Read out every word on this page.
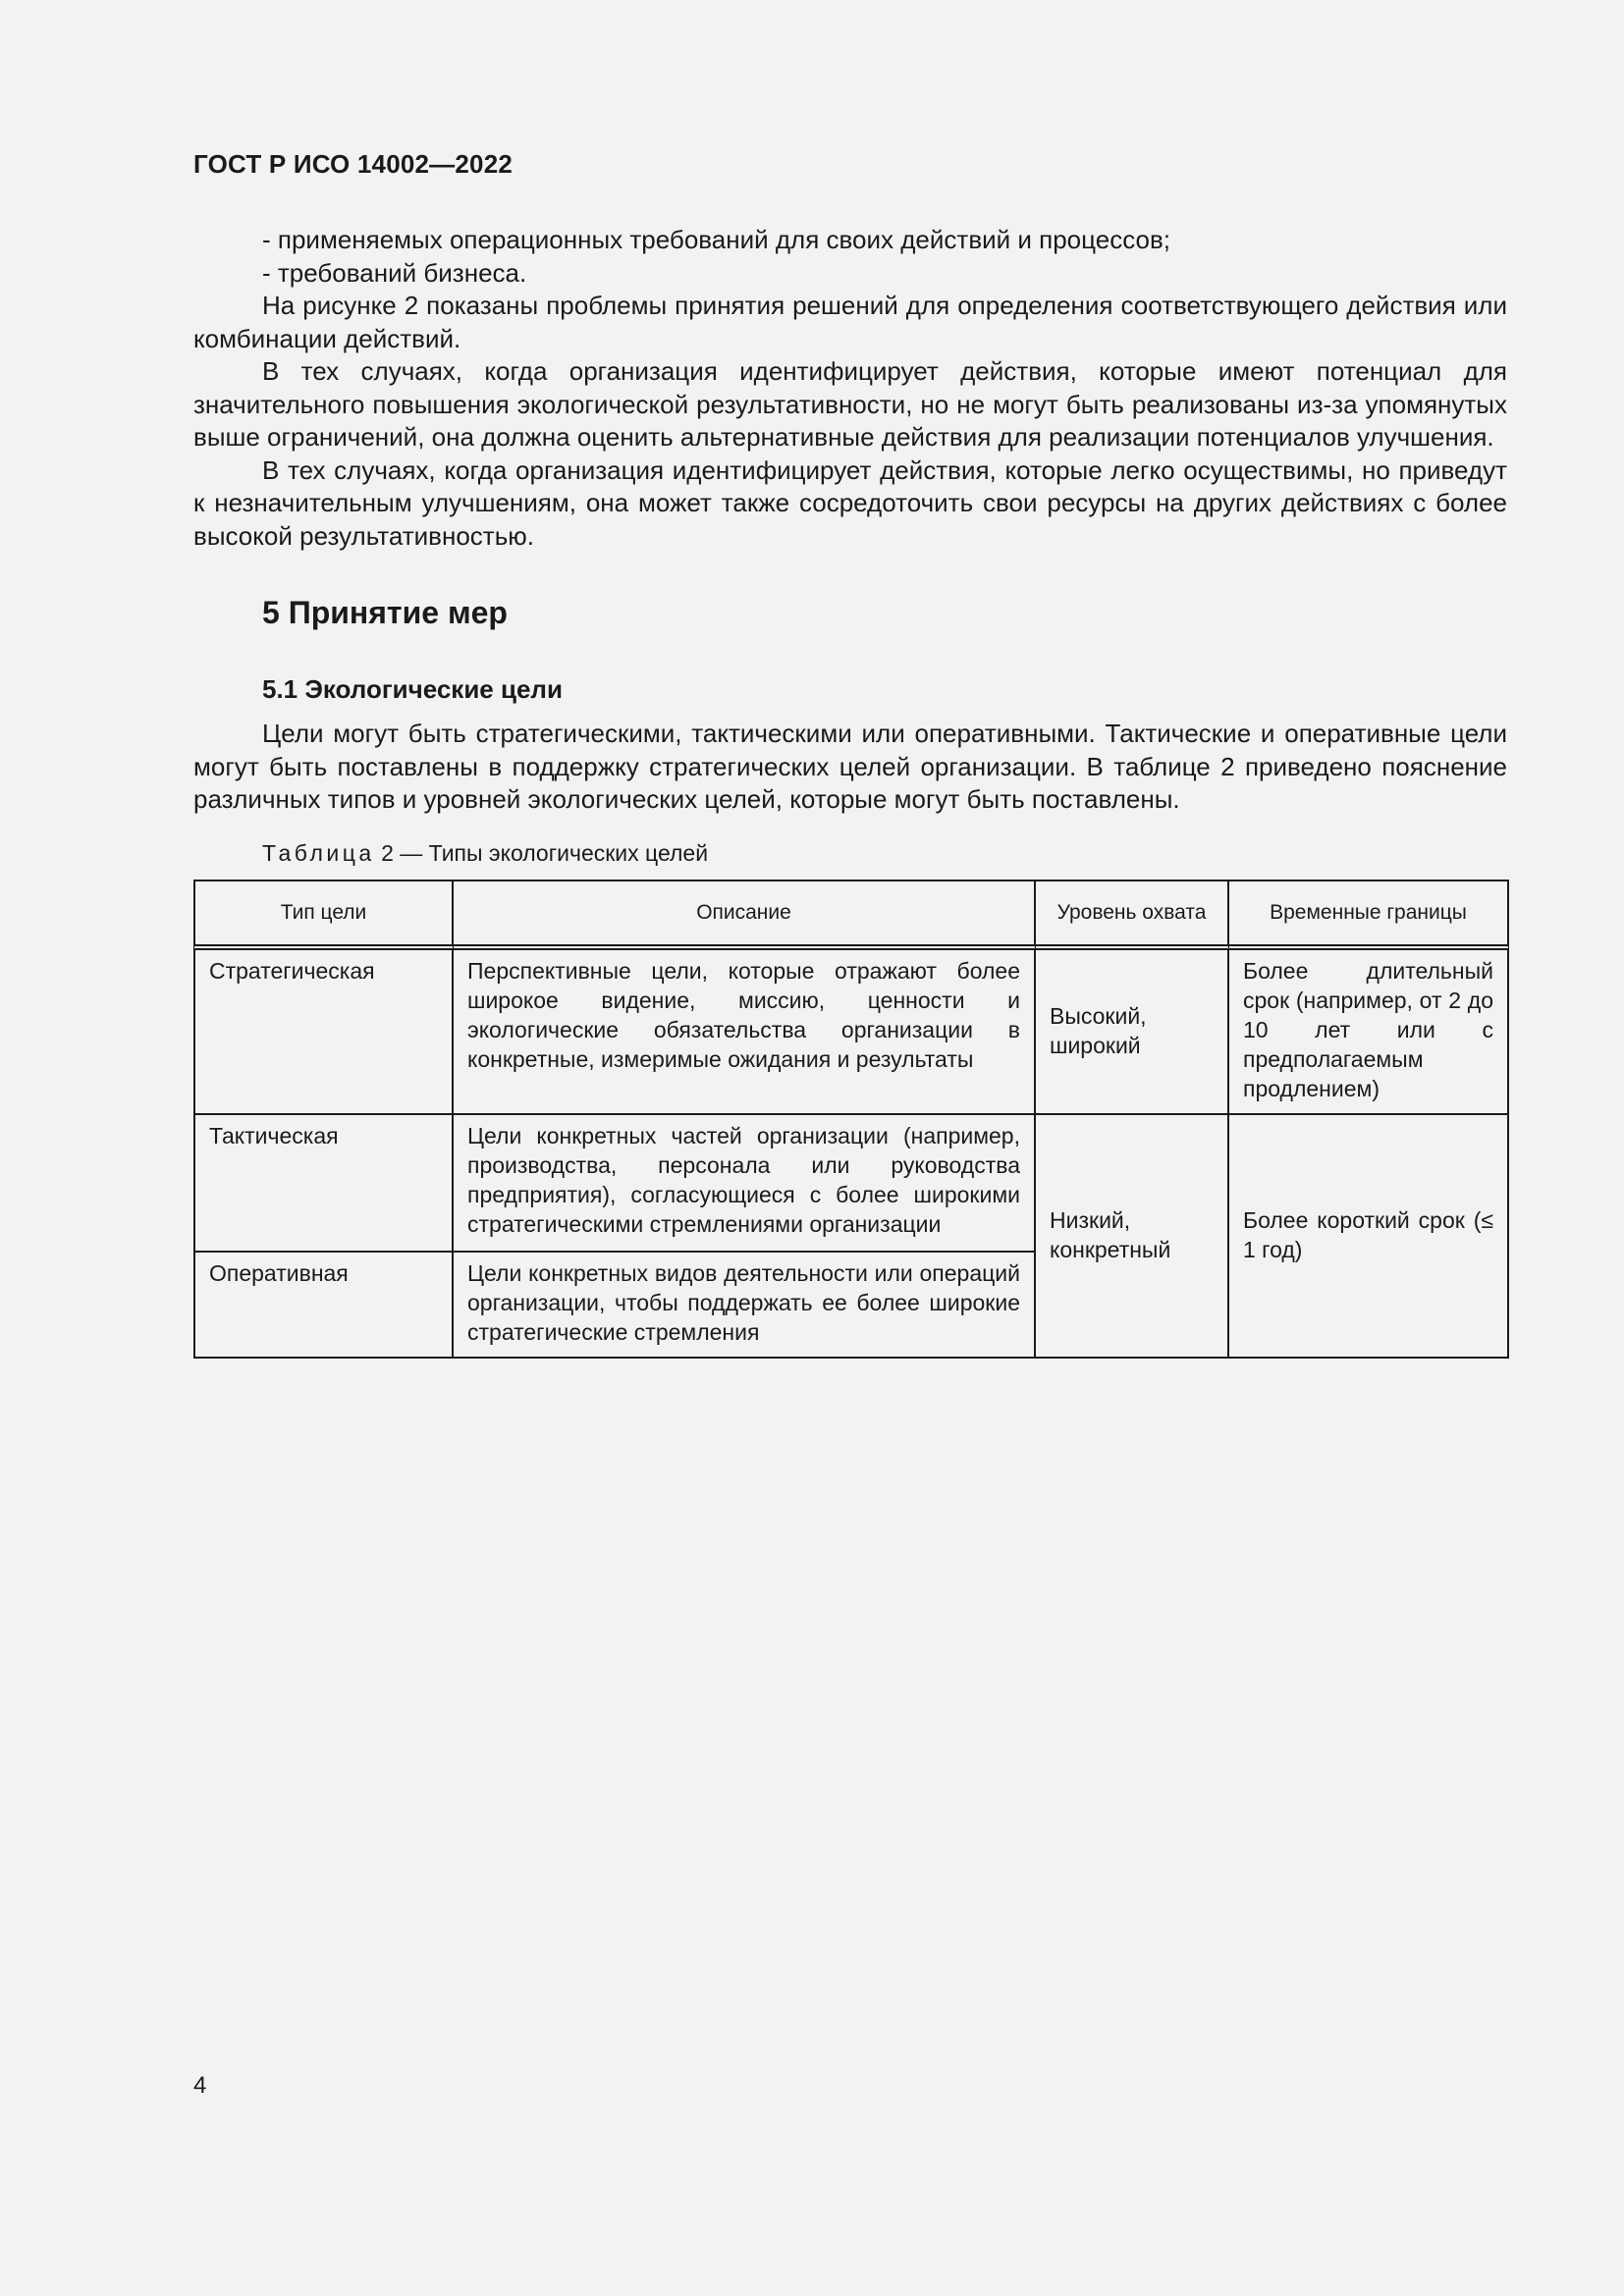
ГОСТ Р ИСО 14002—2022

- применяемых операционных требований для своих действий и процессов;

- требований бизнеса.

На рисунке 2 показаны проблемы принятия решений для определения соответствующего действия или комбинации действий.

В тех случаях, когда организация идентифицирует действия, которые имеют потенциал для значительного повышения экологической результативности, но не могут быть реализованы из-за упомянутых выше ограничений, она должна оценить альтернативные действия для реализации потенциалов улучшения.

В тех случаях, когда организация идентифицирует действия, которые легко осуществимы, но приведут к незначительным улучшениям, она может также сосредоточить свои ресурсы на других действиях с более высокой результативностью.

5 Принятие мер
5.1 Экологические цели

Цели могут быть стратегическими, тактическими или оперативными. Тактические и оперативные цели могут быть поставлены в поддержку стратегических целей организации. В таблице 2 приведено пояснение различных типов и уровней экологических целей, которые могут быть поставлены.

Таблица 2 — Типы экологических целей

Тип цели	Описание	Уровень охвата	Временные границы
Стратегическая	Перспективные цели, которые отражают более широкое видение, миссию, ценности и экологические обязательства организации в конкретные, измеримые ожидания и результаты	Высокий, широкий	Более длительный срок (например, от 2 до 10 лет или с предполагаемым продлением)
Тактическая	Цели конкретных частей организации (например, производства, персонала или руководства предприятия), согласующиеся с более широкими стратегическими стремлениями организации	Низкий, конкретный	Более короткий срок (≤ 1 год)
Оперативная	Цели конкретных видов деятельности или операций организации, чтобы поддержать ее более широкие стратегические стремления		
4
